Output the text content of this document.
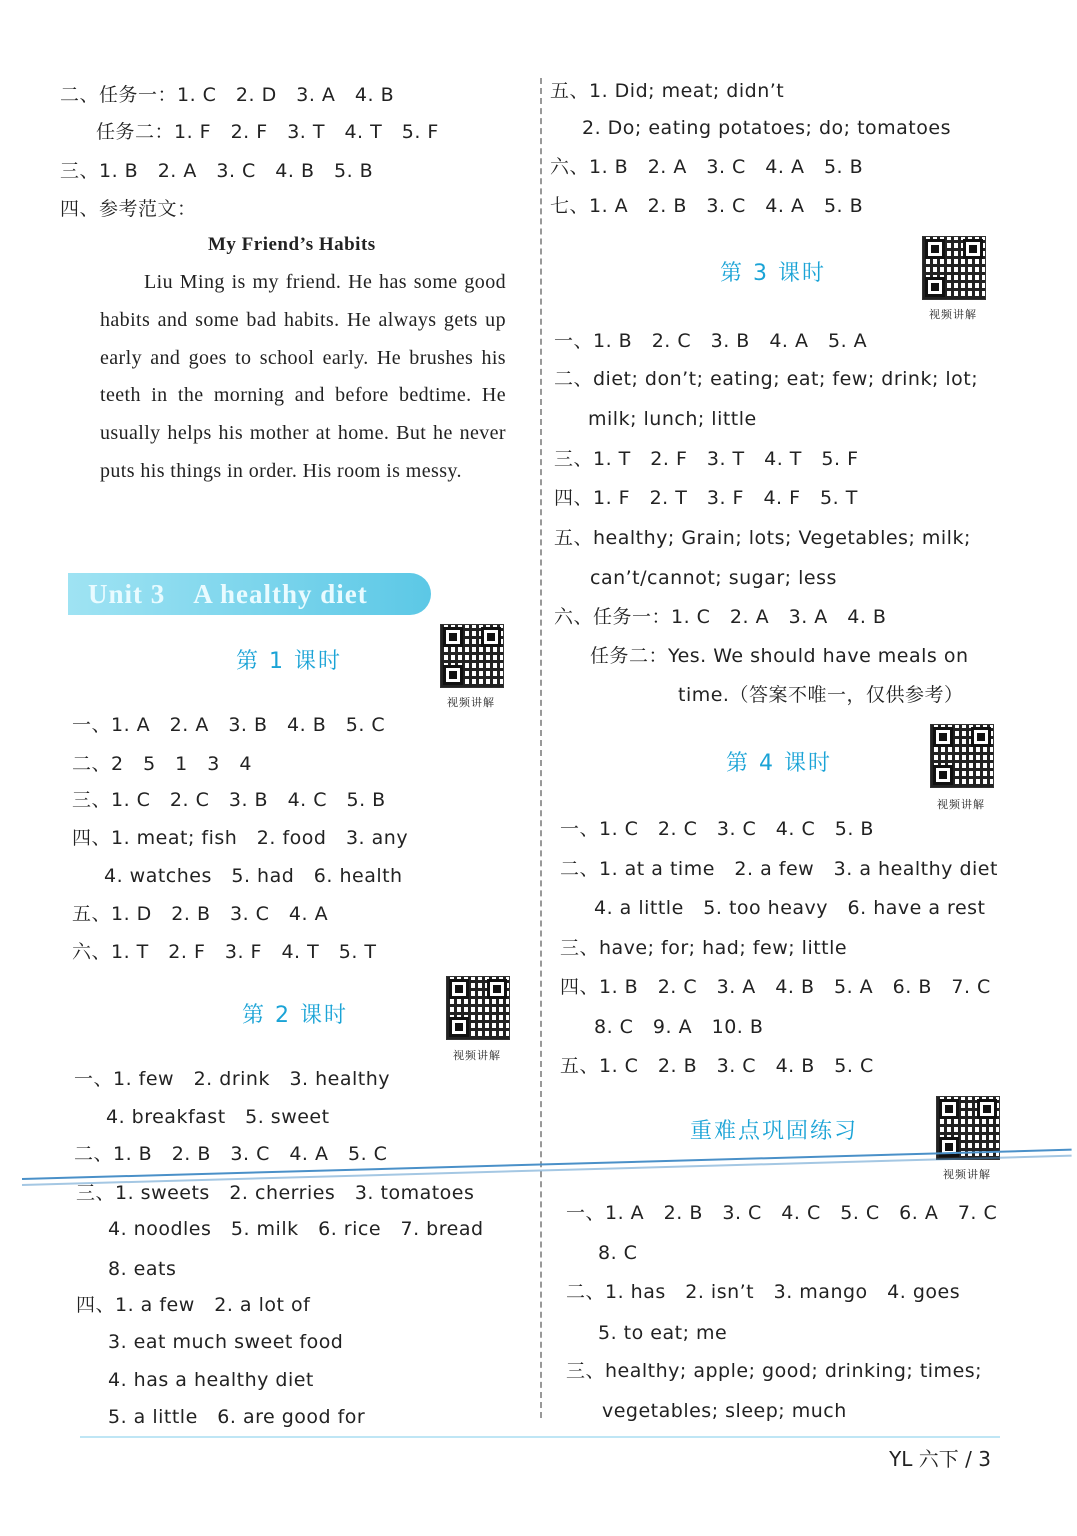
二、任务一：1. C　2. D　3. A　4. B
任务二：1. F　2. F　3. T　4. T　5. F
三、1. B　2. A　3. C　4. B　5. B
四、参考范文：
My Friend’s Habits
Liu Ming is my friend. He has some good habits and some bad habits. He always gets up early and goes to school early. He brushes his teeth in the morning and before bedtime. He usually helps his mother at home. But he never puts his things in order. His room is messy.
Unit 3　A healthy diet
第 1 课时
视频讲解
一、1. A　2. A　3. B　4. B　5. C
二、2　5　1　3　4
三、1. C　2. C　3. B　4. C　5. B
四、1. meat; fish　2. food　3. any
4. watches　5. had　6. health
五、1. D　2. B　3. C　4. A
六、1. T　2. F　3. F　4. T　5. T
第 2 课时
视频讲解
一、1. few　2. drink　3. healthy
4. breakfast　5. sweet
二、1. B　2. B　3. C　4. A　5. C
三、1. sweets　2. cherries　3. tomatoes
4. noodles　5. milk　6. rice　7. bread
8. eats
四、1. a few　2. a lot of
3. eat much sweet food
4. has a healthy diet
5. a little　6. are good for
五、1. Did; meat; didn’t
2. Do; eating potatoes; do; tomatoes
六、1. B　2. A　3. C　4. A　5. B
七、1. A　2. B　3. C　4. A　5. B
第 3 课时
视频讲解
一、1. B　2. C　3. B　4. A　5. A
二、diet; don’t; eating; eat; few; drink; lot;
milk; lunch; little
三、1. T　2. F　3. T　4. T　5. F
四、1. F　2. T　3. F　4. F　5. T
五、healthy; Grain; lots; Vegetables; milk;
can’t/cannot; sugar; less
六、任务一：1. C　2. A　3. A　4. B
任务二：Yes. We should have meals on
time.（答案不唯一，仅供参考）
第 4 课时
视频讲解
一、1. C　2. C　3. C　4. C　5. B
二、1. at a time　2. a few　3. a healthy diet
4. a little　5. too heavy　6. have a rest
三、have; for; had; few; little
四、1. B　2. C　3. A　4. B　5. A　6. B　7. C
8. C　9. A　10. B
五、1. C　2. B　3. C　4. B　5. C
重难点巩固练习
视频讲解
一、1. A　2. B　3. C　4. C　5. C　6. A　7. C
8. C
二、1. has　2. isn’t　3. mango　4. goes
5. to eat; me
三、healthy; apple; good; drinking; times;
vegetables; sleep; much
YL 六下 / 3
